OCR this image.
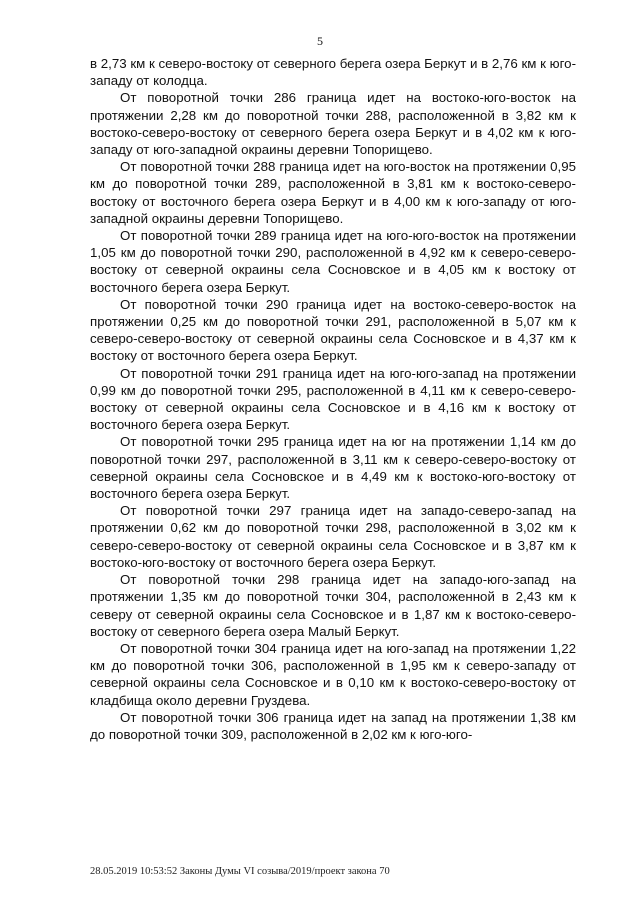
5

в 2,73 км к северо-востоку от северного берега озера Беркут и в 2,76 км к юго-западу от колодца.

От поворотной точки 286 граница идет на востоко-юго-восток на протяжении 2,28 км до поворотной точки 288, расположенной в 3,82 км к востоко-северо-востоку от северного берега озера Беркут и в 4,02 км к юго-западу от юго-западной окраины деревни Топорищево.

От поворотной точки 288 граница идет на юго-восток на протяжении 0,95 км до поворотной точки 289, расположенной в 3,81 км к востоко-северо-востоку от восточного берега озера Беркут и в 4,00 км к юго-западу от юго-западной окраины деревни Топорищево.

От поворотной точки 289 граница идет на юго-юго-восток на протяжении 1,05 км до поворотной точки 290, расположенной в 4,92 км к северо-северо-востоку от северной окраины села Сосновское и в 4,05 км к востоку от восточного берега озера Беркут.

От поворотной точки 290 граница идет на востоко-северо-восток на протяжении 0,25 км до поворотной точки 291, расположенной в 5,07 км к северо-северо-востоку от северной окраины села Сосновское и в 4,37 км к востоку от восточного берега озера Беркут.

От поворотной точки 291 граница идет на юго-юго-запад на протяжении 0,99 км до поворотной точки 295, расположенной в 4,11 км к северо-северо-востоку от северной окраины села Сосновское и в 4,16 км к востоку от восточного берега озера Беркут.

От поворотной точки 295 граница идет на юг на протяжении 1,14 км до поворотной точки 297, расположенной в 3,11 км к северо-северо-востоку от северной окраины села Сосновское и в 4,49 км к востоко-юго-востоку от восточного берега озера Беркут.

От поворотной точки 297 граница идет на западо-северо-запад на протяжении 0,62 км до поворотной точки 298, расположенной в 3,02 км к северо-северо-востоку от северной окраины села Сосновское и в 3,87 км к востоко-юго-востоку от восточного берега озера Беркут.

От поворотной точки 298 граница идет на западо-юго-запад на протяжении 1,35 км до поворотной точки 304, расположенной в 2,43 км к северу от северной окраины села Сосновское и в 1,87 км к востоко-северо-востоку от северного берега озера Малый Беркут.

От поворотной точки 304 граница идет на юго-запад на протяжении 1,22 км до поворотной точки 306, расположенной в 1,95 км к северо-западу от северной окраины села Сосновское и в 0,10 км к востоко-северо-востоку от кладбища около деревни Груздева.

От поворотной точки 306 граница идет на запад на протяжении 1,38 км до поворотной точки 309, расположенной в 2,02 км к юго-юго-

28.05.2019 10:53:52 Законы Думы VI созыва/2019/проект закона 70
